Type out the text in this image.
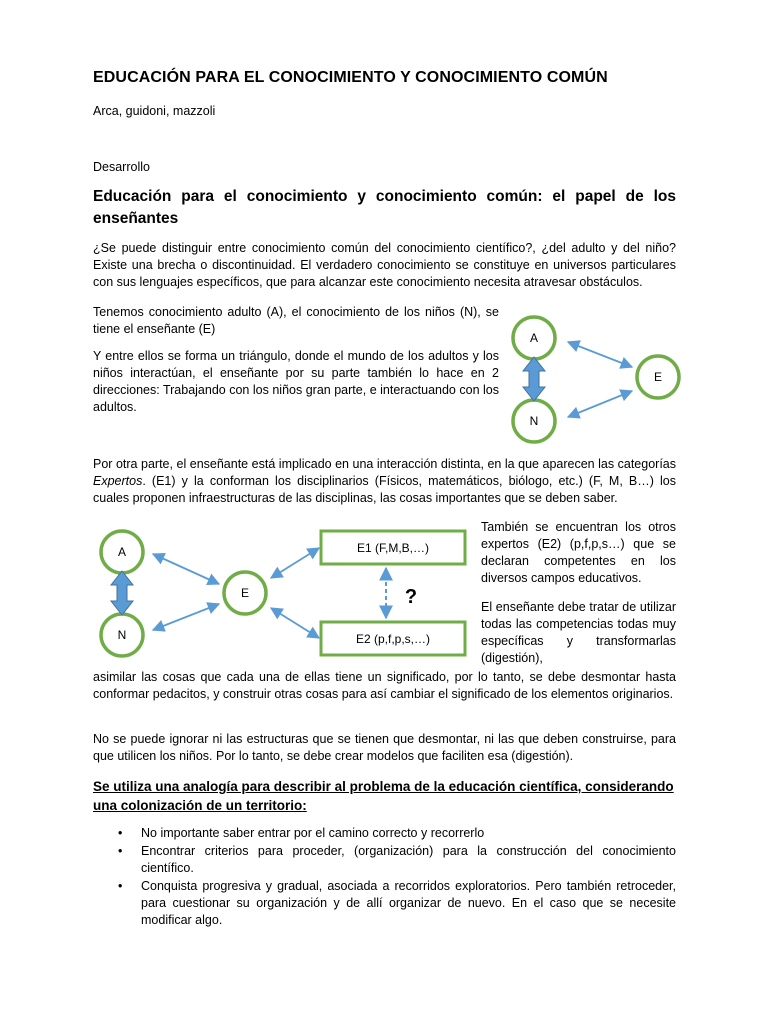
EDUCACIÓN PARA EL CONOCIMIENTO Y CONOCIMIENTO COMÚN
Arca, guidoni, mazzoli
Desarrollo
Educación para el conocimiento y conocimiento común: el papel de los enseñantes
¿Se puede distinguir entre conocimiento común del conocimiento científico?, ¿del adulto y del niño? Existe una brecha o discontinuidad. El verdadero conocimiento se constituye en universos particulares con sus lenguajes específicos, que para alcanzar este conocimiento necesita atravesar obstáculos.
Tenemos conocimiento adulto (A), el conocimiento de los niños (N), se tiene el enseñante (E)
Y entre ellos se forma un triángulo, donde el mundo de los adultos y los niños interactúan, el enseñante por su parte también lo hace en 2 direcciones: Trabajando con los niños gran parte, e interactuando con los adultos.
A
N
E
Por otra parte, el enseñante está implicado en una interacción distinta, en la que aparecen las categorías Expertos. (E1) y la conforman los disciplinarios (Físicos, matemáticos, biólogo, etc.) (F, M, B…) los cuales proponen infraestructuras de las disciplinas, las cosas importantes que se deben saber.
A
N
E
E1 (F,M,B,…)
E2 (p,f,p,s,…)
?
También se encuentran los otros expertos (E2) (p,f,p,s…) que se declaran competentes en los diversos campos educativos.
El enseñante debe tratar de utilizar todas las competencias todas muy específicas y transformarlas (digestión),
asimilar las cosas que cada una de ellas tiene un significado, por lo tanto, se debe desmontar hasta conformar pedacitos, y construir otras cosas para así cambiar el significado de los elementos originarios.
No se puede ignorar ni las estructuras que se tienen que desmontar, ni las que deben construirse, para que utilicen los niños. Por lo tanto, se debe crear modelos que faciliten esa (digestión).
Se utiliza una analogía para describir al problema de la educación científica, considerando una colonización de un territorio:
• No importante saber entrar por el camino correcto y recorrerlo
• Encontrar criterios para proceder, (organización) para la construcción del conocimiento científico.
• Conquista progresiva y gradual, asociada a recorridos exploratorios. Pero también retroceder, para cuestionar su organización y de allí organizar de nuevo. En el caso que se necesite modificar algo.
